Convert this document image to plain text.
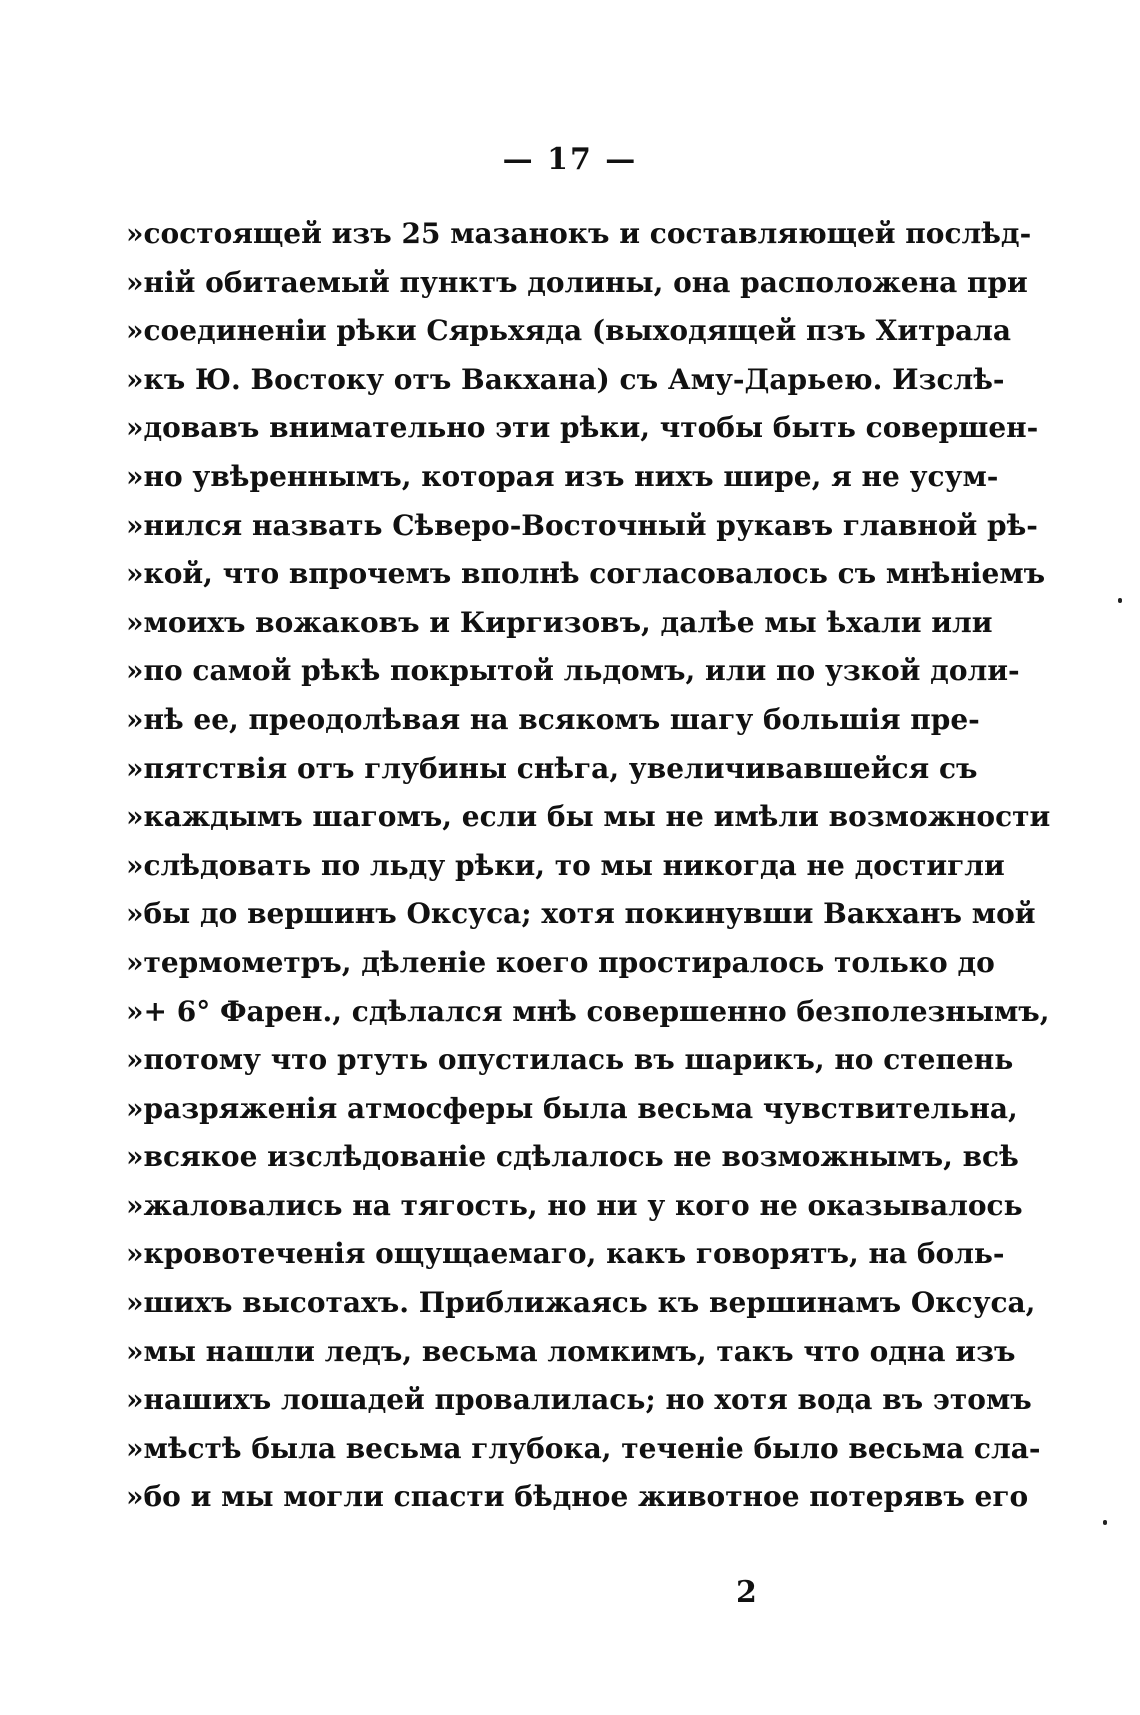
— 17 —
»состоящей изъ 25 мазанокъ и составляющей послѣд-
»ній обитаемый пунктъ долины, она расположена при
»соединеніи рѣки Сярьхяда (выходящей пзъ Хитрала
»къ Ю. Востоку отъ Вакхана) съ Аму-Дарьею. Изслѣ-
»довавъ внимательно эти рѣки, чтобы быть совершен-
»но увѣреннымъ, которая изъ нихъ шире, я не усум-
»нился назвать Сѣверо-Восточный рукавъ главной рѣ-
»кой, что впрочемъ вполнѣ согласовалось съ мнѣніемъ
»моихъ вожаковъ и Киргизовъ, далѣе мы ѣхали или
»по самой рѣкѣ покрытой льдомъ, или по узкой доли-
»нѣ ее, преодолѣвая на всякомъ шагу большія пре-
»пятствія отъ глубины снѣга, увеличивавшейся съ
»каждымъ шагомъ, если бы мы не имѣли возможности
»слѣдовать по льду рѣки, то мы никогда не достигли
»бы до вершинъ Оксуса; хотя покинувши Вакханъ мой
»термометръ, дѣленіе коего простиралось только до
»+ 6° Фарен., сдѣлался мнѣ совершенно безполезнымъ,
»потому что ртуть опустилась въ шарикъ, но степень
»разряженія атмосферы была весьма чувствительна,
»всякое изслѣдованіе сдѣлалось не возможнымъ, всѣ
»жаловались на тягость, но ни у кого не оказывалось
»кровотеченія ощущаемаго, какъ говорятъ, на боль-
»шихъ высотахъ. Приближаясь къ вершинамъ Оксуса,
»мы нашли ледъ, весьма ломкимъ, такъ что одна изъ
»нашихъ лошадей провалилась; но хотя вода въ этомъ
»мѣстѣ была весьма глубока, теченіе было весьма сла-
»бо и мы могли спасти бѣдное животное потерявъ его
2
